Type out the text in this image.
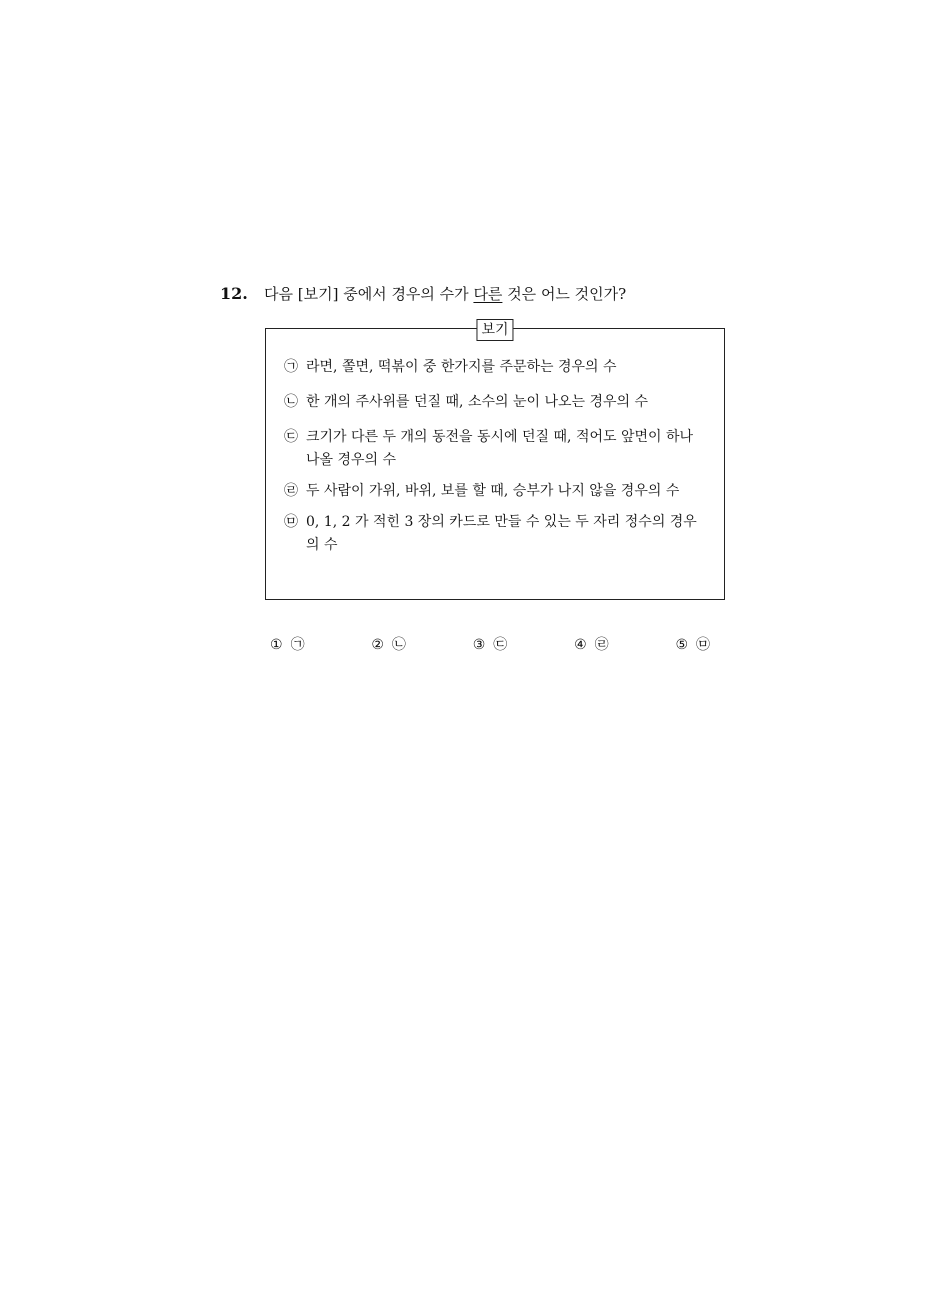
12.	다음 [보기] 중에서 경우의 수가 다른 것은 어느 것인가?
보기
㉠ 라면, 쫄면, 떡볶이 중 한가지를 주문하는 경우의 수
㉡ 한 개의 주사위를 던질 때, 소수의 눈이 나오는 경우의 수
㉢ 크기가 다른 두 개의 동전을 동시에 던질 때, 적어도 앞면이 하나 나올 경우의 수
㉣ 두 사람이 가위, 바위, 보를 할 때, 승부가 나지 않을 경우의 수
㉤ 0, 1, 2 가 적힌 3 장의 카드로 만들 수 있는 두 자리 정수의 경우의 수
① ㉠	② ㉡	③ ㉢	④ ㉣	⑤ ㉤
